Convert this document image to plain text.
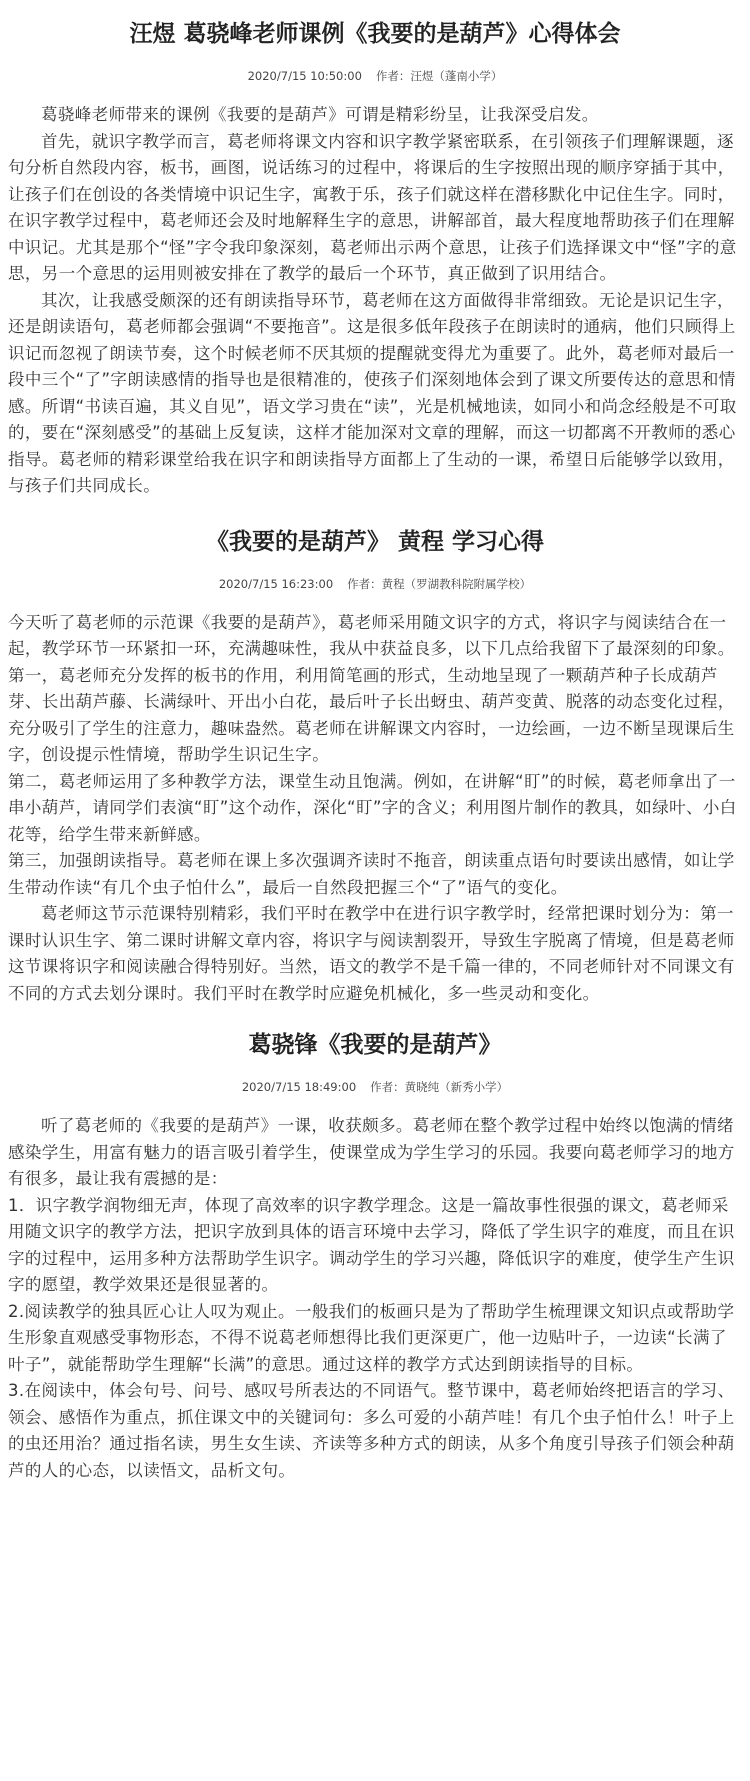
汪煜 葛骁峰老师课例《我要的是葫芦》心得体会
2020/7/15 10:50:00 作者：汪煜（蓬南小学）

葛骁峰老师带来的课例《我要的是葫芦》可谓是精彩纷呈，让我深受启发。

首先，就识字教学而言，葛老师将课文内容和识字教学紧密联系，在引领孩子们理解课题，逐句分析自然段内容，板书，画图，说话练习的过程中，将课后的生字按照出现的顺序穿插于其中，让孩子们在创设的各类情境中识记生字，寓教于乐，孩子们就这样在潜移默化中记住生字。同时，在识字教学过程中，葛老师还会及时地解释生字的意思，讲解部首，最大程度地帮助孩子们在理解中识记。尤其是那个“怪”字令我印象深刻，葛老师出示两个意思，让孩子们选择课文中“怪”字的意思，另一个意思的运用则被安排在了教学的最后一个环节，真正做到了识用结合。

其次，让我感受颇深的还有朗读指导环节，葛老师在这方面做得非常细致。无论是识记生字，还是朗读语句，葛老师都会强调“不要拖音”。这是很多低年段孩子在朗读时的通病，他们只顾得上识记而忽视了朗读节奏，这个时候老师不厌其烦的提醒就变得尤为重要了。此外，葛老师对最后一段中三个“了”字朗读感情的指导也是很精准的，使孩子们深刻地体会到了课文所要传达的意思和情感。所谓“书读百遍，其义自见”，语文学习贵在“读”，光是机械地读，如同小和尚念经般是不可取的，要在“深刻感受”的基础上反复读，这样才能加深对文章的理解，而这一切都离不开教师的悉心指导。葛老师的精彩课堂给我在识字和朗读指导方面都上了生动的一课，希望日后能够学以致用，与孩子们共同成长。

《我要的是葫芦》 黄程 学习心得
2020/7/15 16:23:00 作者：黄程（罗湖教科院附属学校）

今天听了葛老师的示范课《我要的是葫芦》，葛老师采用随文识字的方式，将识字与阅读结合在一起，教学环节一环紧扣一环，充满趣味性，我从中获益良多，以下几点给我留下了最深刻的印象。

第一，葛老师充分发挥的板书的作用，利用简笔画的形式，生动地呈现了一颗葫芦种子长成葫芦芽、长出葫芦藤、长满绿叶、开出小白花，最后叶子长出蚜虫、葫芦变黄、脱落的动态变化过程，充分吸引了学生的注意力，趣味盎然。葛老师在讲解课文内容时，一边绘画，一边不断呈现课后生字，创设提示性情境，帮助学生识记生字。

第二，葛老师运用了多种教学方法，课堂生动且饱满。例如，在讲解“盯”的时候，葛老师拿出了一串小葫芦，请同学们表演“盯”这个动作，深化“盯”字的含义；利用图片制作的教具，如绿叶、小白花等，给学生带来新鲜感。

第三，加强朗读指导。葛老师在课上多次强调齐读时不拖音，朗读重点语句时要读出感情，如让学生带动作读“有几个虫子怕什么”，最后一自然段把握三个“了”语气的变化。

葛老师这节示范课特别精彩，我们平时在教学中在进行识字教学时，经常把课时划分为：第一课时认识生字、第二课时讲解文章内容，将识字与阅读割裂开，导致生字脱离了情境，但是葛老师这节课将识字和阅读融合得特别好。当然，语文的教学不是千篇一律的，不同老师针对不同课文有不同的方式去划分课时。我们平时在教学时应避免机械化，多一些灵动和变化。

葛骁锋《我要的是葫芦》
2020/7/15 18:49:00 作者：黄晓纯（新秀小学）

听了葛老师的《我要的是葫芦》一课，收获颇多。葛老师在整个教学过程中始终以饱满的情绪感染学生，用富有魅力的语言吸引着学生，使课堂成为学生学习的乐园。我要向葛老师学习的地方有很多，最让我有震撼的是：

1．识字教学润物细无声，体现了高效率的识字教学理念。这是一篇故事性很强的课文，葛老师采用随文识字的教学方法，把识字放到具体的语言环境中去学习，降低了学生识字的难度，而且在识字的过程中，运用多种方法帮助学生识字。调动学生的学习兴趣，降低识字的难度，使学生产生识字的愿望，教学效果还是很显著的。

2.阅读教学的独具匠心让人叹为观止。一般我们的板画只是为了帮助学生梳理课文知识点或帮助学生形象直观感受事物形态，不得不说葛老师想得比我们更深更广，他一边贴叶子，一边读“长满了叶子”，就能帮助学生理解“长满”的意思。通过这样的教学方式达到朗读指导的目标。

3.在阅读中，体会句号、问号、感叹号所表达的不同语气。整节课中，葛老师始终把语言的学习、领会、感悟作为重点，抓住课文中的关键词句：多么可爱的小葫芦哇！有几个虫子怕什么！叶子上的虫还用治？通过指名读，男生女生读、齐读等多种方式的朗读，从多个角度引导孩子们领会种葫芦的人的心态，以读悟文，品析文句。
